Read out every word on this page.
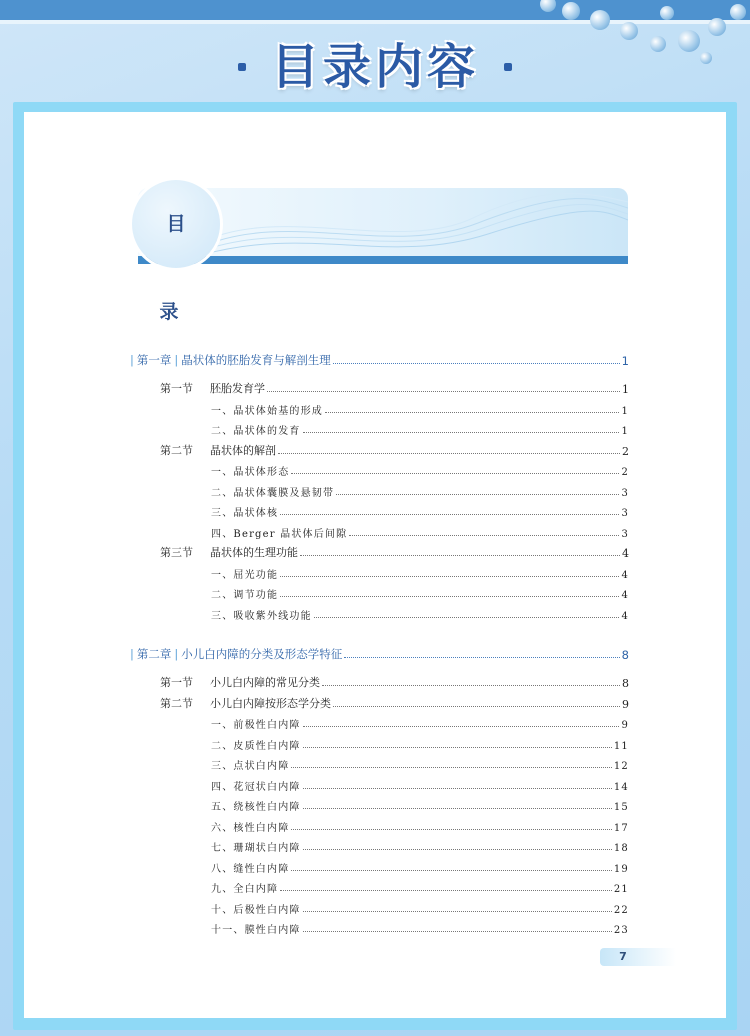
目录内容
目 录
| 第一章 | 晶状体的胚胎发育与解剖生理	1
第一节 胚胎发育学	1
一、晶状体始基的形成	1
二、晶状体的发育	1
第二节 晶状体的解剖	2
一、晶状体形态	2
二、晶状体囊膜及悬韧带	3
三、晶状体核	3
四、Berger 晶状体后间隙	3
第三节 晶状体的生理功能	4
一、屈光功能	4
二、调节功能	4
三、吸收紫外线功能	4
| 第二章 | 小儿白内障的分类及形态学特征	8
第一节 小儿白内障的常见分类	8
第二节 小儿白内障按形态学分类	9
一、前极性白内障	9
二、皮质性白内障	11
三、点状白内障	12
四、花冠状白内障	14
五、绕核性白内障	15
六、核性白内障	17
七、珊瑚状白内障	18
八、缝性白内障	19
九、全白内障	21
十、后极性白内障	22
十一、膜性白内障	23
7
